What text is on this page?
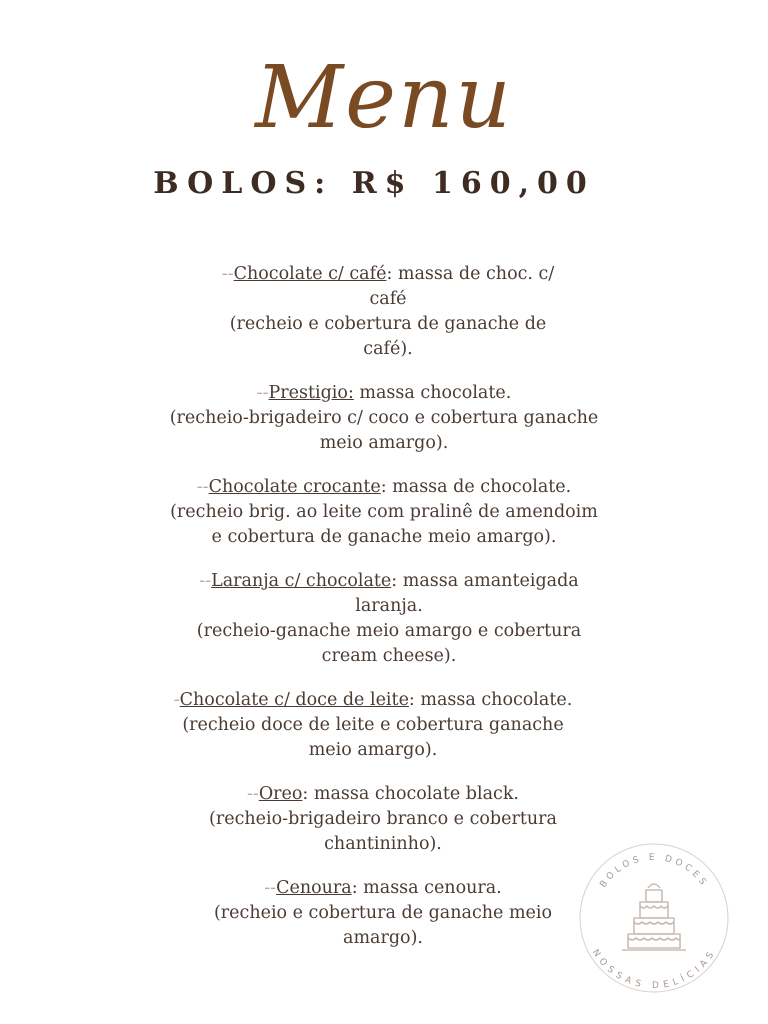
Menu
BOLOS: R$ 160,00
--Chocolate c/ café: massa de choc. c/
café
(recheio e cobertura de ganache de
café).
--Prestigio: massa chocolate.
(recheio-brigadeiro c/ coco e cobertura ganache
meio amargo).
--Chocolate crocante: massa de chocolate.
(recheio brig. ao leite com pralinê de amendoim
e cobertura de ganache meio amargo).
--Laranja c/ chocolate: massa amanteigada
laranja.
(recheio-ganache meio amargo e cobertura
cream cheese).
-Chocolate c/ doce de leite: massa chocolate.
(recheio doce de leite e cobertura ganache
meio amargo).
--Oreo: massa chocolate black.
(recheio-brigadeiro branco e cobertura
chantininho).
--Cenoura: massa cenoura.
(recheio e cobertura de ganache meio
amargo).
BOLOS E DOCES
NOSSAS DELÍCIAS
